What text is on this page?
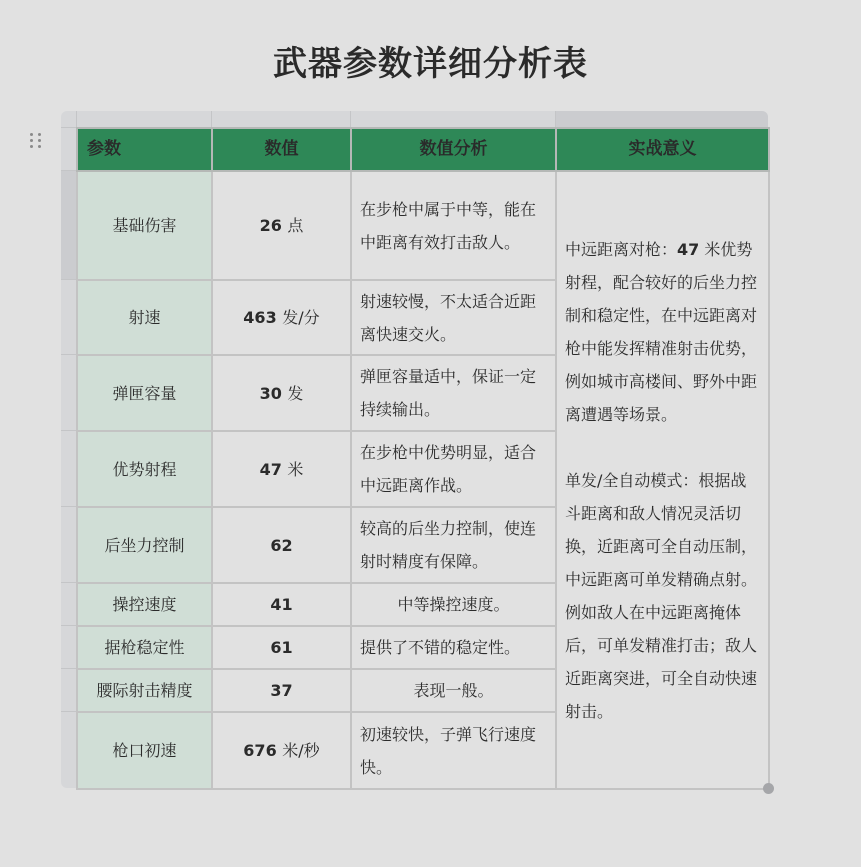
武器参数详细分析表
参数	数值	数值分析	实战意义
基础伤害	26 点	在步枪中属于中等，能在中距离有效打击敌人。	中远距离对枪：47 米优势射程，配合较好的后坐力控制和稳定性，在中远距离对枪中能发挥精准射击优势，例如城市高楼间、野外中距离遭遇等场景。

单发/全自动模式：根据战斗距离和敌人情况灵活切换，近距离可全自动压制，中远距离可单发精确点射。例如敌人在中远距离掩体后，可单发精准打击；敌人近距离突进，可全自动快速射击。

射速	463 发/分	射速较慢，不太适合近距离快速交火。	
弹匣容量	30 发	弹匣容量适中，保证一定持续输出。	
优势射程	47 米	在步枪中优势明显，适合中远距离作战。	
后坐力控制	62	较高的后坐力控制，使连射时精度有保障。	
操控速度	41	中等操控速度。	
据枪稳定性	61	提供了不错的稳定性。	
腰际射击精度	37	表现一般。	
枪口初速	676 米/秒	初速较快，子弹飞行速度快。	
